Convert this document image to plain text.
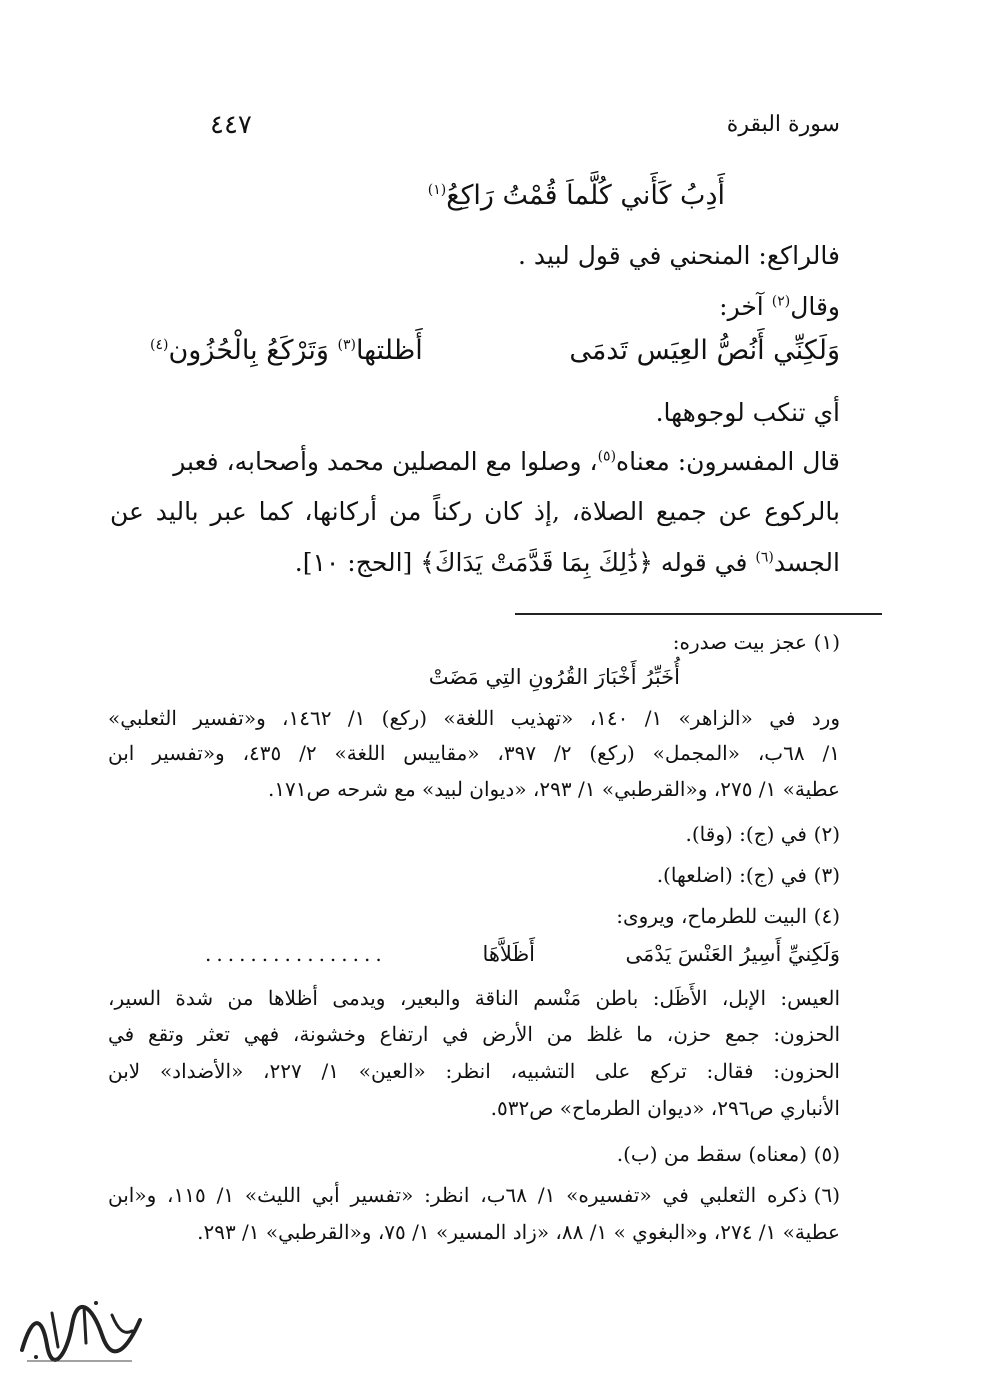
سورة البقرة
٤٤٧
أَدِبُ كَأَني كُلَّماَ قُمْتُ رَاكِعُ$^{(١)}$
فالراكع: المنحني في قول لبيد .
وقال$^{(٢)}$ آخر:
وَلَكِنِّي أَنُصُّ العِيَس تَدمَى
أَظلتها$^{(٣)}$ وَتَرْكَعُ بِالْحُزُون$^{(٤)}$
أي تنكب لوجوهها.
قال المفسرون: معناه$^{(٥)}$، وصلوا مع المصلين محمد وأصحابه، فعبر
بالركوع عن جميع الصلاة، ,إذ كان ركناً من أركانها، كما عبر باليد عن
الجسد$^{(٦)}$ في قوله ﴿ذَٰلِكَ بِمَا قَدَّمَتْ يَدَاكَ﴾ [الحج: ١٠].
(١)
عجز بيت صدره:
أُخَبِّرُ أَخْبَارَ القُرُونِ التِي مَضَتْ
ورد في «الزاهر» ١/ ١٤٠، «تهذيب اللغة» (ركع) ١/ ١٤٦٢، و«تفسير الثعلبي»
١/ ٦٨ب، «المجمل» (ركع) ٢/ ٣٩٧، «مقاييس اللغة» ٢/ ٤٣٥، و«تفسير ابن
عطية» ١/ ٢٧٥، و«القرطبي» ١/ ٢٩٣، «ديوان لبيد» مع شرحه ص١٧١.
(٢)
في (ج): (وقا).
(٣)
في (ج): (اضلعها).
(٤)
البيت للطرماح، ويروى:
وَلَكِنيِّ أَسِيرُ العَنْسَ يَدْمَى
أَظَلاَّهَا
................
العيس: الإبل، الأَظَل: باطن مَنْسم الناقة والبعير، ويدمى أظلاها من شدة السير،
الحزون: جمع حزن، ما غلظ من الأرض في ارتفاع وخشونة، فهي تعثر وتقع في
الحزون: فقال: تركع على التشبيه، انظر: «العين» ١/ ٢٢٧، «الأضداد» لابن
الأنباري ص٢٩٦، «ديوان الطرماح» ص٥٣٢.
(٥)
(معناه) سقط من (ب).
(٦)
ذكره الثعلبي في «تفسيره» ١/ ٦٨ب، انظر: «تفسير أبي الليث» ١/ ١١٥، و«ابن
عطية» ١/ ٢٧٤، و«البغوي » ١/ ٨٨، «زاد المسير» ١/ ٧٥، و«القرطبي» ١/ ٢٩٣.
